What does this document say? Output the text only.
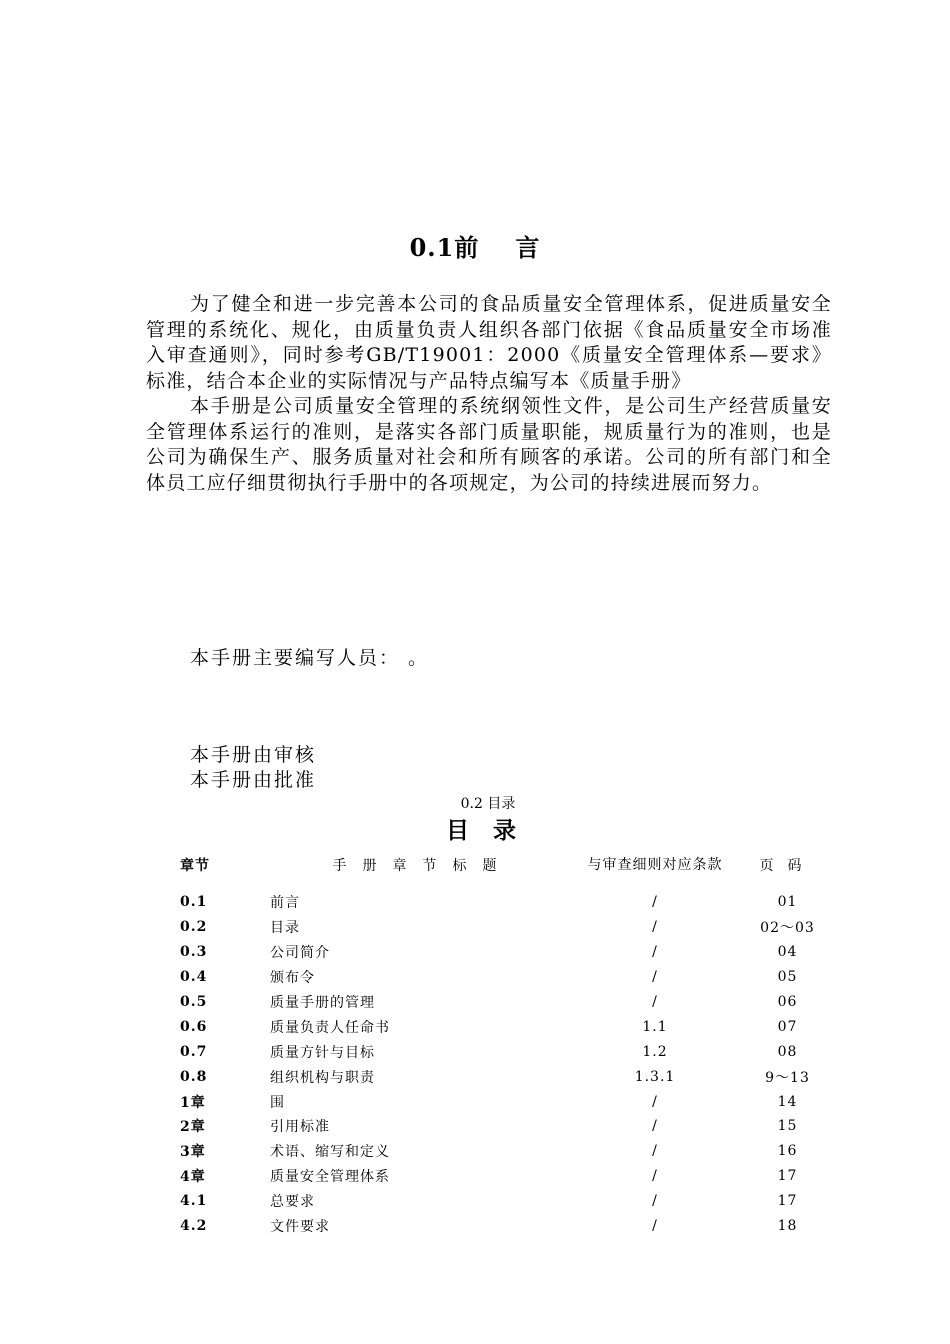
0.1前 言

为了健全和进一步完善本公司的食品质量安全管理体系，促进质量安全管理的系统化、规化，由质量负责人组织各部门依据《食品质量安全市场准入审查通则》，同时参考GB/T19001：2000《质量安全管理体系—要求》标准，结合本企业的实际情况与产品特点编写本《质量手册》

本手册是公司质量安全管理的系统纲领性文件，是公司生产经营质量安全管理体系运行的准则，是落实各部门质量职能，规质量行为的准则，也是公司为确保生产、服务质量对社会和所有顾客的承诺。公司的所有部门和全体员工应仔细贯彻执行手册中的各项规定，为公司的持续进展而努力。

本手册主要编写人员： 。
本手册由审核
本手册由批准
0.2 目录
目 录
章节	手册章节标题	与审查细则对应条款	页码
0.1	前言	/	01
0.2	目录	/	02～03
0.3	公司简介	/	04
0.4	颁布令	/	05
0.5	质量手册的管理	/	06
0.6	质量负责人任命书	1.1	07
0.7	质量方针与目标	1.2	08
0.8	组织机构与职责	1.3.1	9～13
1章	围	/	14
2章	引用标准	/	15
3章	术语、缩写和定义	/	16
4章	质量安全管理体系	/	17
4.1	总要求	/	17
4.2	文件要求	/	18
